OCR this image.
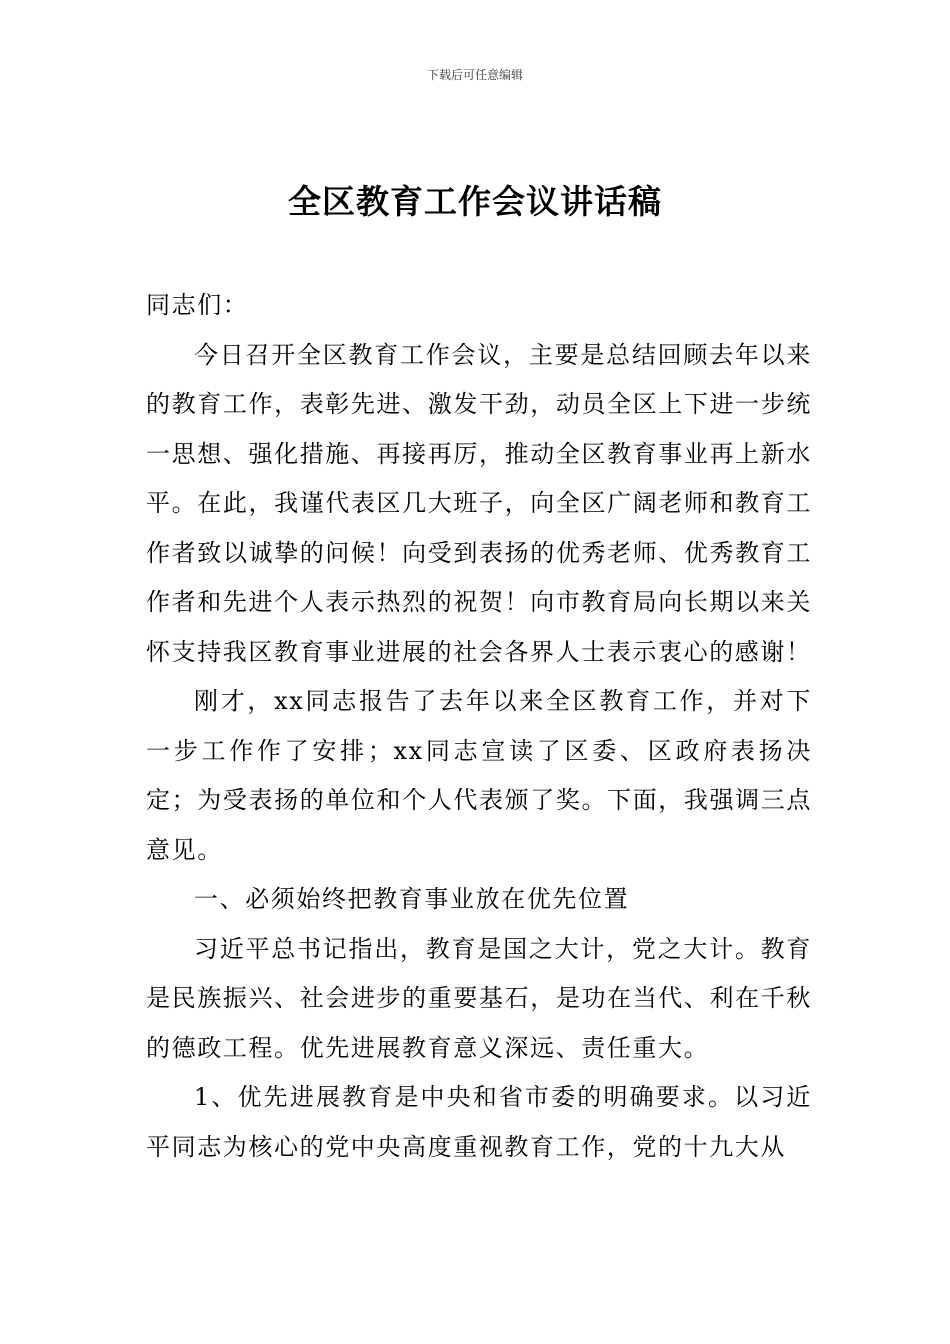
下载后可任意编辑
全区教育工作会议讲话稿

同志们：

今日召开全区教育工作会议，主要是总结回顾去年以来的教育工作，表彰先进、激发干劲，动员全区上下进一步统一思想、强化措施、再接再厉，推动全区教育事业再上新水平。在此，我谨代表区几大班子，向全区广阔老师和教育工作者致以诚挚的问候！向受到表扬的优秀老师、优秀教育工作者和先进个人表示热烈的祝贺！向市教育局向长期以来关怀支持我区教育事业进展的社会各界人士表示衷心的感谢！

刚才，xx同志报告了去年以来全区教育工作，并对下一步工作作了安排；xx同志宣读了区委、区政府表扬决定；为受表扬的单位和个人代表颁了奖。下面，我强调三点意见。

一、必须始终把教育事业放在优先位置

习近平总书记指出，教育是国之大计，党之大计。教育是民族振兴、社会进步的重要基石，是功在当代、利在千秋的德政工程。优先进展教育意义深远、责任重大。

1、优先进展教育是中央和省市委的明确要求。以习近平同志为核心的党中央高度重视教育工作，党的十九大从
